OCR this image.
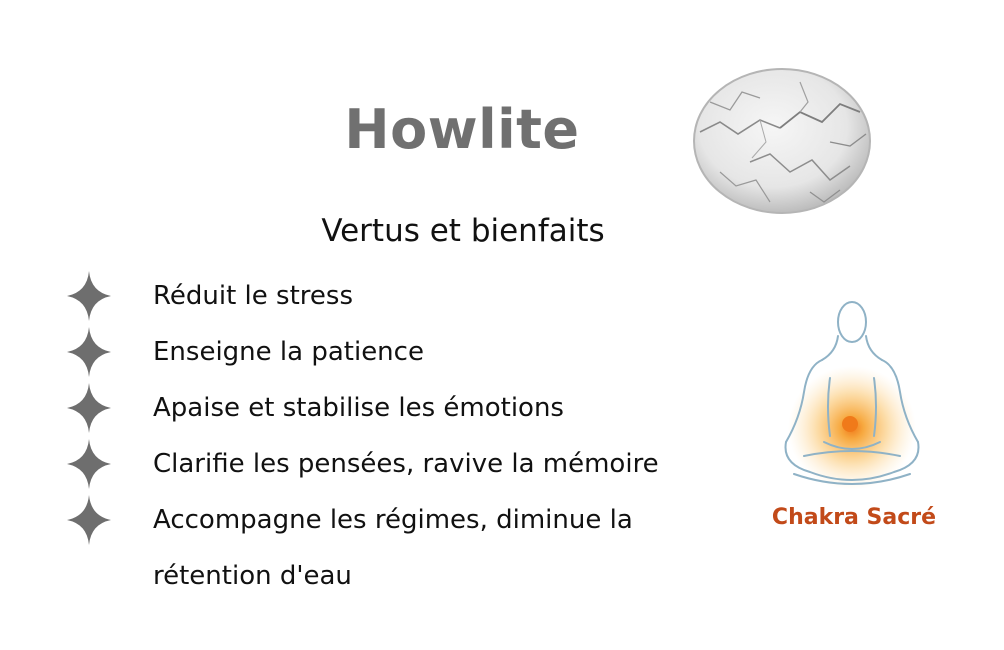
Howlite
Vertus et bienfaits
Réduit le stress
Enseigne la patience
Apaise et stabilise les émotions
Clarifie les pensées, ravive la mémoire
Accompagne les régimes, diminue la
rétention d'eau
Chakra Sacré
